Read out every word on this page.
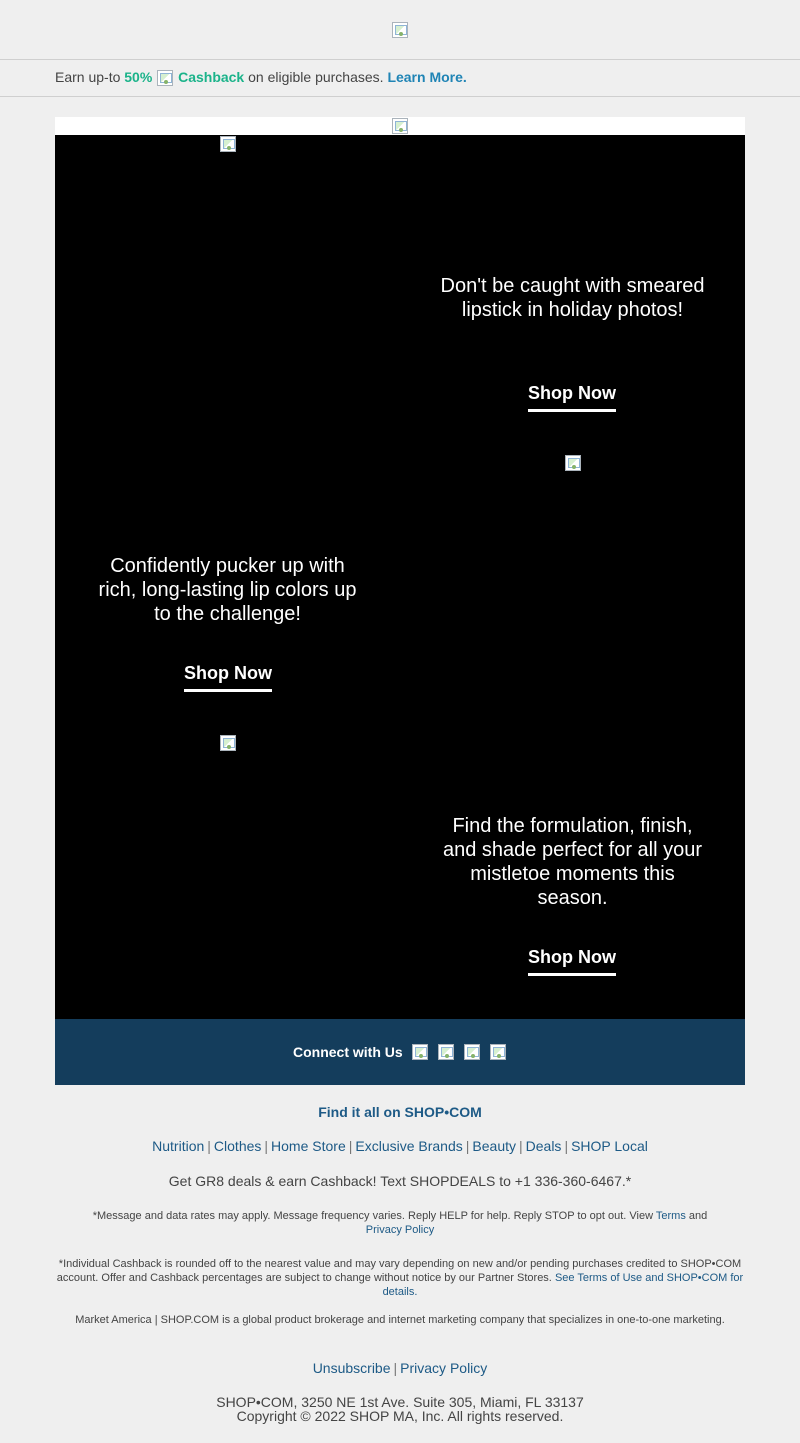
Earn up-to 50% Cashback on eligible purchases. Learn More.
Don't be caught with smeared lipstick in holiday photos!
Shop Now
Confidently pucker up with rich, long-lasting lip colors up to the challenge!
Shop Now
Find the formulation, finish, and shade perfect for all your mistletoe moments this season.
Shop Now
Connect with Us
Find it all on SHOP•COM
Nutrition | Clothes | Home Store | Exclusive Brands | Beauty | Deals | SHOP Local
Get GR8 deals & earn Cashback! Text SHOPDEALS to +1 336-360-6467.*
*Message and data rates may apply. Message frequency varies. Reply HELP for help. Reply STOP to opt out. View Terms and
Privacy Policy
*Individual Cashback is rounded off to the nearest value and may vary depending on new and/or pending purchases credited to SHOP•COM account. Offer and Cashback percentages are subject to change without notice by our Partner Stores. See Terms of Use and SHOP•COM for details.
Market America | SHOP.COM is a global product brokerage and internet marketing company that specializes in one-to-one marketing.
Unsubscribe | Privacy Policy
SHOP•COM, 3250 NE 1st Ave. Suite 305, Miami, FL 33137
Copyright © 2022 SHOP MA, Inc. All rights reserved.
